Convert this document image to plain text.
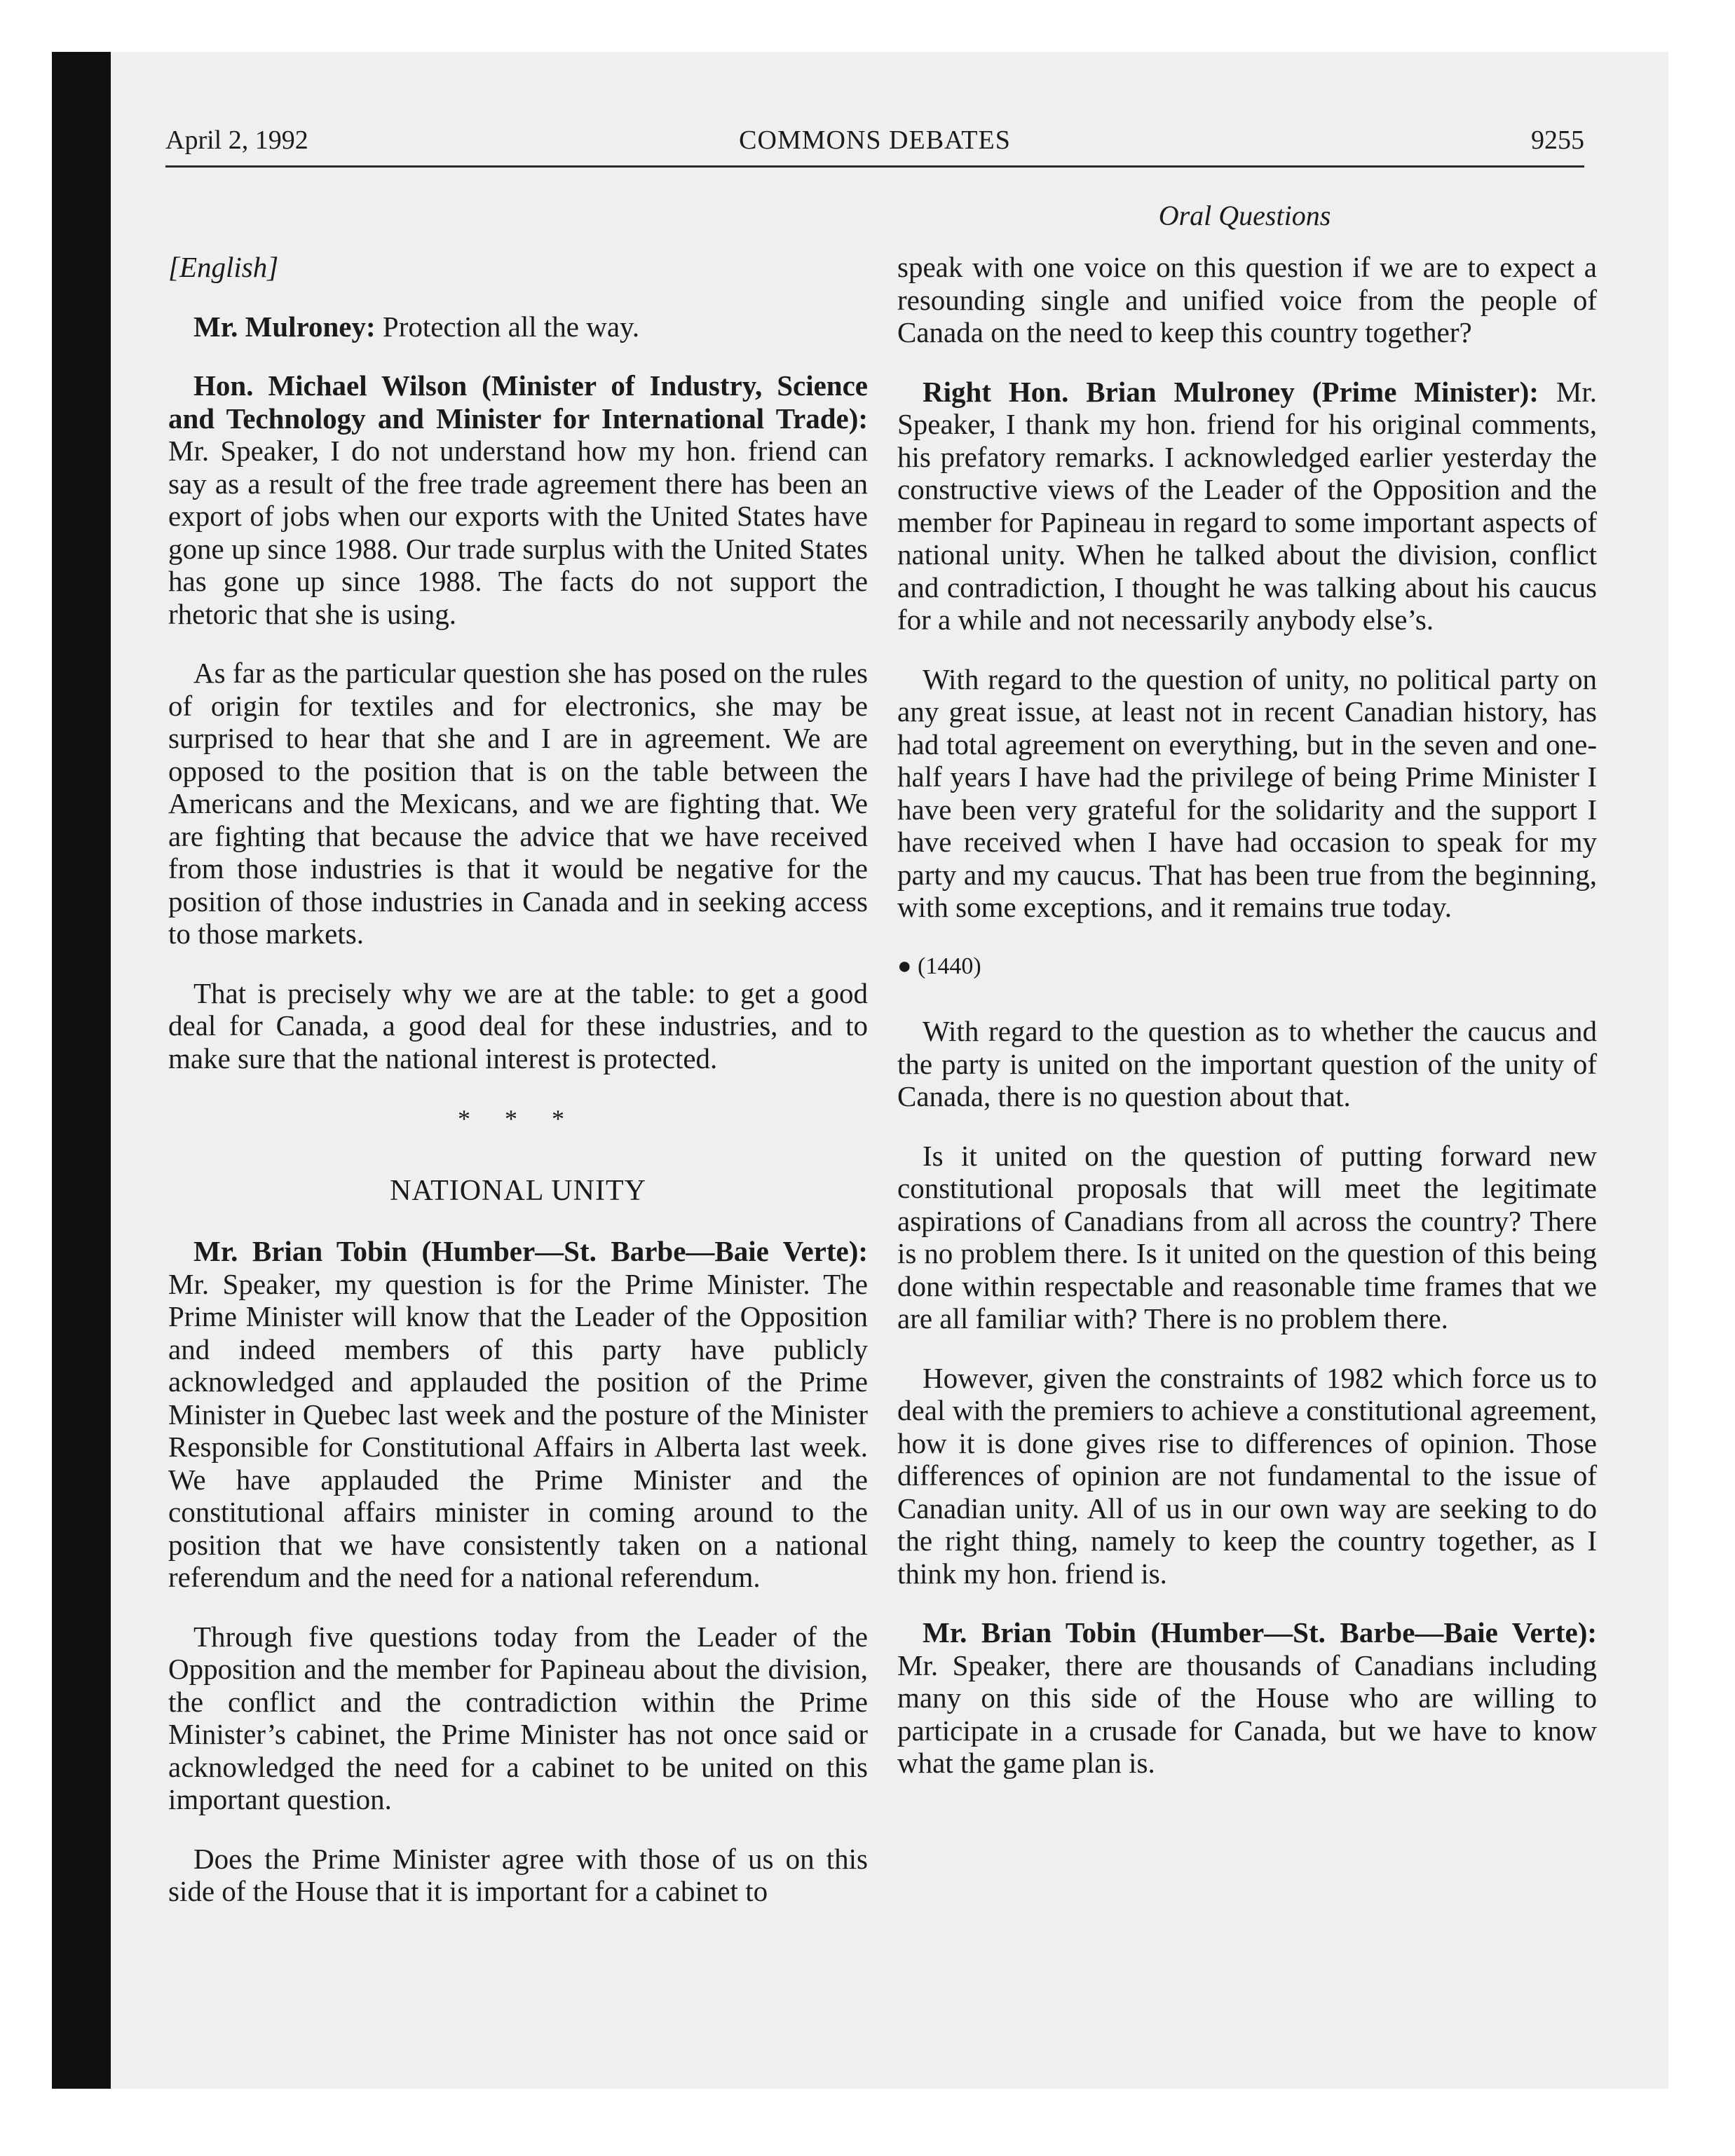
April 2, 1992	COMMONS DEBATES	9255
Oral Questions

[English]

Mr. Mulroney: Protection all the way.

Hon. Michael Wilson (Minister of Industry, Science and Technology and Minister for International Trade): Mr. Speaker, I do not understand how my hon. friend can say as a result of the free trade agreement there has been an export of jobs when our exports with the United States have gone up since 1988. Our trade surplus with the United States has gone up since 1988. The facts do not support the rhetoric that she is using.

As far as the particular question she has posed on the rules of origin for textiles and for electronics, she may be surprised to hear that she and I are in agreement. We are opposed to the position that is on the table between the Americans and the Mexicans, and we are fighting that. We are fighting that because the advice that we have received from those industries is that it would be negative for the position of those industries in Canada and in seeking access to those markets.

That is precisely why we are at the table: to get a good deal for Canada, a good deal for these industries, and to make sure that the national interest is protected.

* * *
NATIONAL UNITY

Mr. Brian Tobin (Humber—St. Barbe—Baie Verte): Mr. Speaker, my question is for the Prime Minister. The Prime Minister will know that the Leader of the Opposition and indeed members of this party have publicly acknowledged and applauded the position of the Prime Minister in Quebec last week and the posture of the Minister Responsible for Constitutional Affairs in Alberta last week. We have applauded the Prime Minister and the constitutional affairs minister in coming around to the position that we have consistently taken on a national referendum and the need for a national referendum.

Through five questions today from the Leader of the Opposition and the member for Papineau about the division, the conflict and the contradiction within the Prime Minister’s cabinet, the Prime Minister has not once said or acknowledged the need for a cabinet to be united on this important question.

Does the Prime Minister agree with those of us on this side of the House that it is important for a cabinet to

speak with one voice on this question if we are to expect a resounding single and unified voice from the people of Canada on the need to keep this country together?

Right Hon. Brian Mulroney (Prime Minister): Mr. Speaker, I thank my hon. friend for his original comments, his prefatory remarks. I acknowledged earlier yesterday the constructive views of the Leader of the Opposition and the member for Papineau in regard to some important aspects of national unity. When he talked about the division, conflict and contradiction, I thought he was talking about his caucus for a while and not necessarily anybody else’s.

With regard to the question of unity, no political party on any great issue, at least not in recent Canadian history, has had total agreement on everything, but in the seven and one-half years I have had the privilege of being Prime Minister I have been very grateful for the solidarity and the support I have received when I have had occasion to speak for my party and my caucus. That has been true from the beginning, with some exceptions, and it remains true today.

● (1440)

With regard to the question as to whether the caucus and the party is united on the important question of the unity of Canada, there is no question about that.

Is it united on the question of putting forward new constitutional proposals that will meet the legitimate aspirations of Canadians from all across the country? There is no problem there. Is it united on the question of this being done within respectable and reasonable time frames that we are all familiar with? There is no problem there.

However, given the constraints of 1982 which force us to deal with the premiers to achieve a constitutional agreement, how it is done gives rise to differences of opinion. Those differences of opinion are not fundamental to the issue of Canadian unity. All of us in our own way are seeking to do the right thing, namely to keep the country together, as I think my hon. friend is.

Mr. Brian Tobin (Humber—St. Barbe—Baie Verte): Mr. Speaker, there are thousands of Canadians including many on this side of the House who are willing to participate in a crusade for Canada, but we have to know what the game plan is.
